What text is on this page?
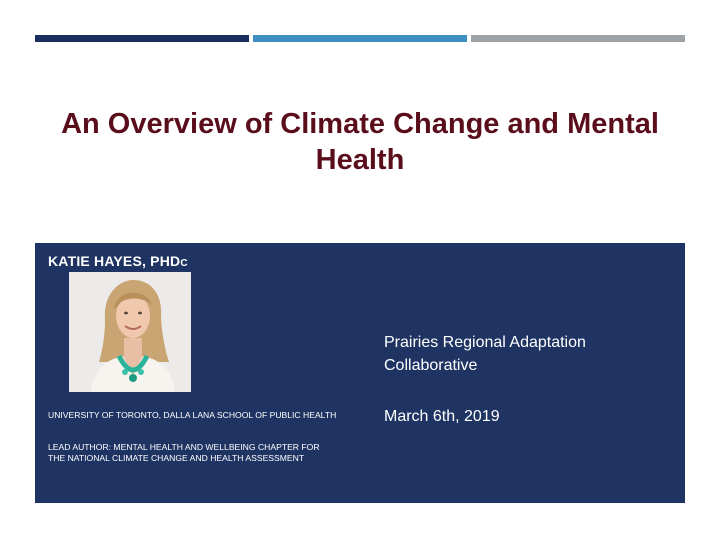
An Overview of Climate Change and Mental Health
KATIE HAYES, PHDC
UNIVERSITY OF TORONTO, DALLA LANA SCHOOL OF PUBLIC HEALTH
LEAD AUTHOR: MENTAL HEALTH AND WELLBEING CHAPTER FOR THE NATIONAL CLIMATE CHANGE AND HEALTH ASSESSMENT
Prairies Regional Adaptation Collaborative
March 6th, 2019
